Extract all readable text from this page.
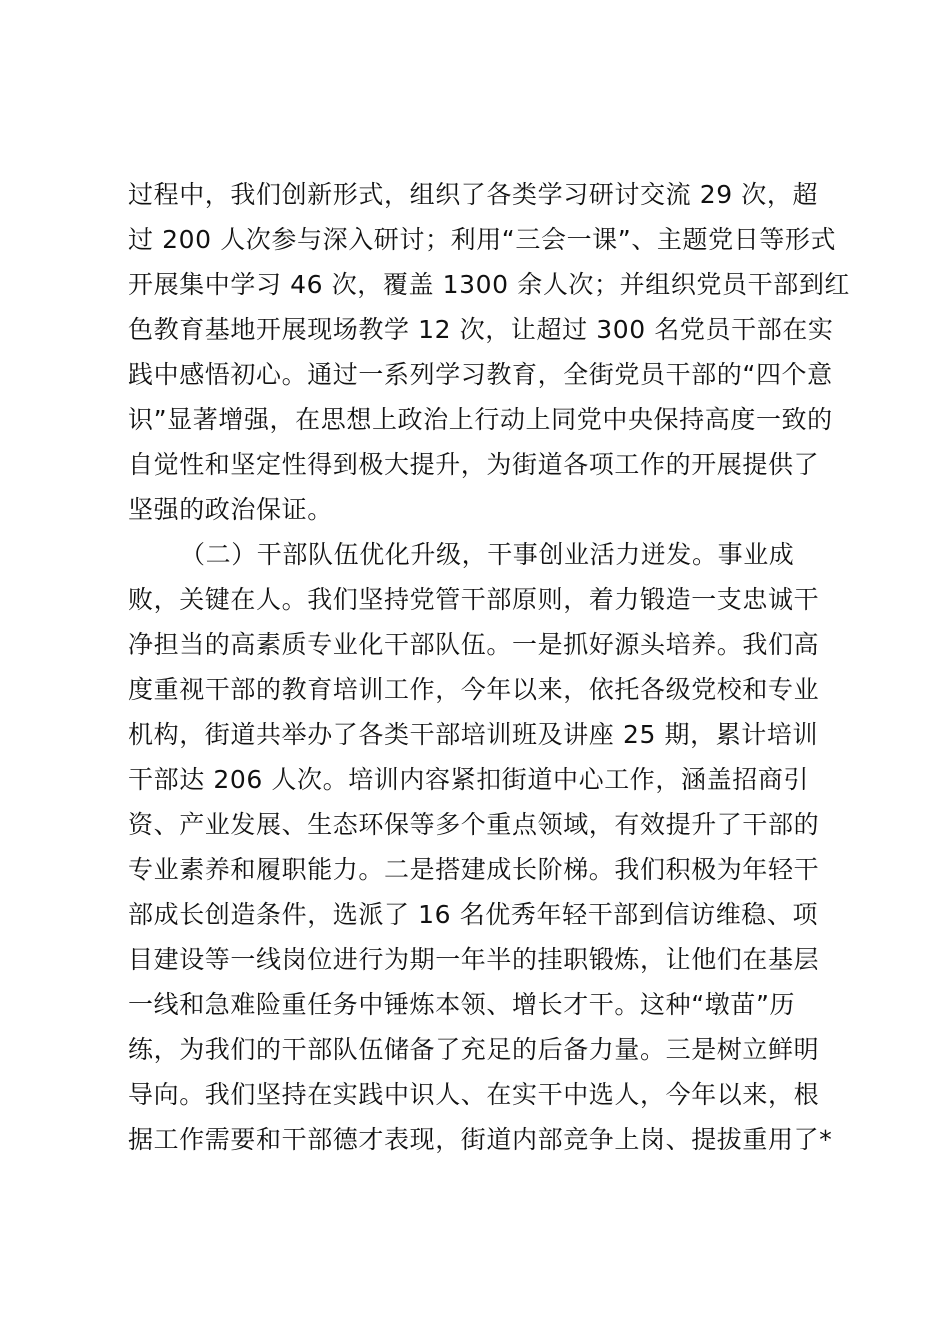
过程中，我们创新形式，组织了各类学习研讨交流 29 次，超

过 200 人次参与深入研讨；利用“三会一课”、主题党日等形式

开展集中学习 46 次，覆盖 1300 余人次；并组织党员干部到红

色教育基地开展现场教学 12 次，让超过 300 名党员干部在实

践中感悟初心。通过一系列学习教育，全街党员干部的“四个意

识”显著增强，在思想上政治上行动上同党中央保持高度一致的

自觉性和坚定性得到极大提升，为街道各项工作的开展提供了

坚强的政治保证。

（二）干部队伍优化升级，干事创业活力迸发。事业成

败，关键在人。我们坚持党管干部原则，着力锻造一支忠诚干

净担当的高素质专业化干部队伍。一是抓好源头培养。我们高

度重视干部的教育培训工作，今年以来，依托各级党校和专业

机构，街道共举办了各类干部培训班及讲座 25 期，累计培训

干部达 206 人次。培训内容紧扣街道中心工作，涵盖招商引

资、产业发展、生态环保等多个重点领域，有效提升了干部的

专业素养和履职能力。二是搭建成长阶梯。我们积极为年轻干

部成长创造条件，选派了 16 名优秀年轻干部到信访维稳、项

目建设等一线岗位进行为期一年半的挂职锻炼，让他们在基层

一线和急难险重任务中锤炼本领、增长才干。这种“墩苗”历

练，为我们的干部队伍储备了充足的后备力量。三是树立鲜明

导向。我们坚持在实践中识人、在实干中选人，今年以来，根

据工作需要和干部德才表现，街道内部竞争上岗、提拔重用了*
